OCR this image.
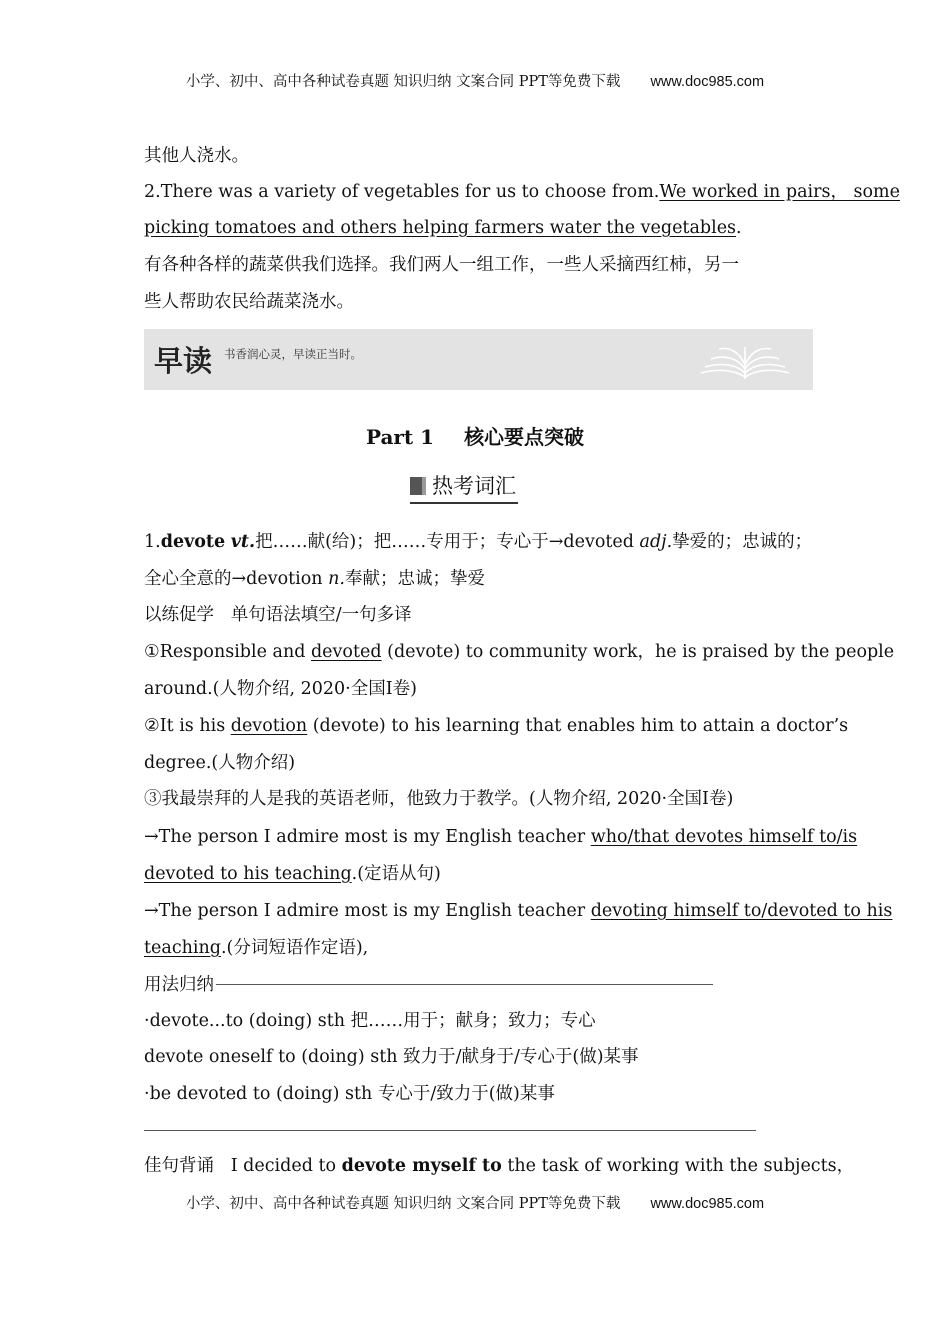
小学、初中、高中各种试卷真题 知识归纳 文案合同 PPT等免费下载 www.doc985.com
其他人浇水。
2.There was a variety of vegetables for us to choose from.We worked in pairs， some
picking tomatoes and others helping farmers water the vegetables.
有各种各样的蔬菜供我们选择。我们两人一组工作，一些人采摘西红柿，另一
些人帮助农民给蔬菜浇水。
早读 书香润心灵，早读正当时。
Part 1 核心要点突破
热考词汇
1.devote vt.把……献(给)；把……专用于；专心于→devoted adj.挚爱的；忠诚的；
全心全意的→devotion n.奉献；忠诚；挚爱
以练促学 单句语法填空/一句多译
①Responsible and devoted (devote) to community work，he is praised by the people
around.(人物介绍, 2020·全国Ⅰ卷)
②It is his devotion (devote) to his learning that enables him to attain a doctor’s
degree.(人物介绍)
③我最崇拜的人是我的英语老师，他致力于教学。(人物介绍, 2020·全国Ⅰ卷)
→The person I admire most is my English teacher who/that devotes himself to/is
devoted to his teaching.(定语从句)
→The person I admire most is my English teacher devoting himself to/devoted to his
teaching.(分词短语作定语),
用法归纳
·devote...to (doing) sth 把……用于；献身；致力；专心
devote oneself to (doing) sth 致力于/献身于/专心于(做)某事
·be devoted to (doing) sth 专心于/致力于(做)某事
佳句背诵 I decided to devote myself to the task of working with the subjects，
小学、初中、高中各种试卷真题 知识归纳 文案合同 PPT等免费下载 www.doc985.com
